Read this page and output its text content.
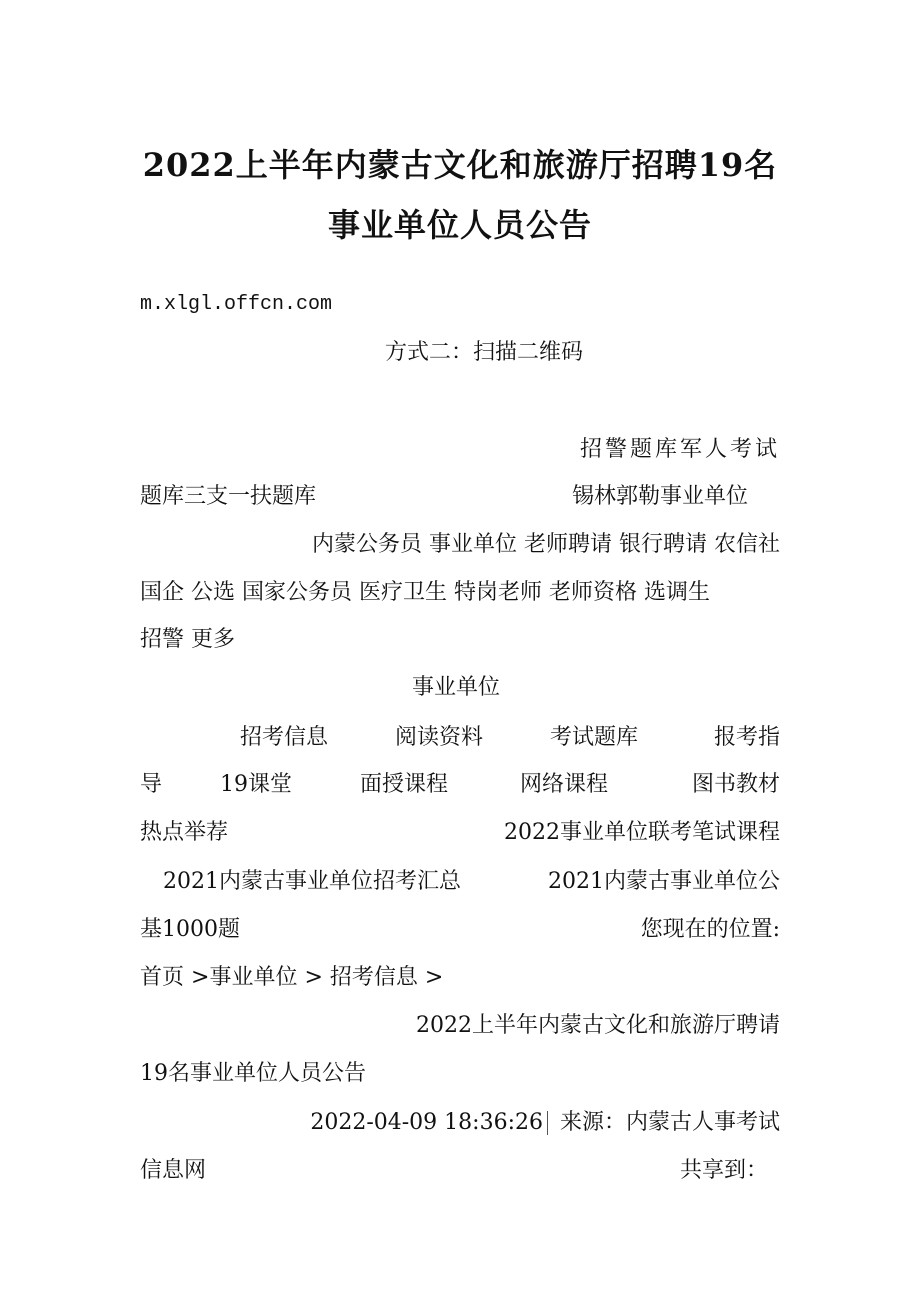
2022上半年内蒙古文化和旅游厅招聘19名
事业单位人员公告
m.xlgl.offcn.com
方式二：扫描二维码
招警题库军人考试
题库三支一扶题库	锡林郭勒事业单位
内蒙公务员 事业单位 老师聘请 银行聘请 农信社
国企 公选 国家公务员 医疗卫生 特岗老师 老师资格 选调生
招警 更多
事业单位
招考信息	阅读资料	考试题库	报考指
导	19课堂	面授课程	网络课程	图书教材
热点举荐	2022事业单位联考笔试课程
2021内蒙古事业单位招考汇总	2021内蒙古事业单位公
基1000题	您现在的位置:
首页 >事业单位 > 招考信息 >
2022上半年内蒙古文化和旅游厅聘请
19名事业单位人员公告
2022-04-09 18:36:26 来源：内蒙古人事考试
信息网	共享到：
